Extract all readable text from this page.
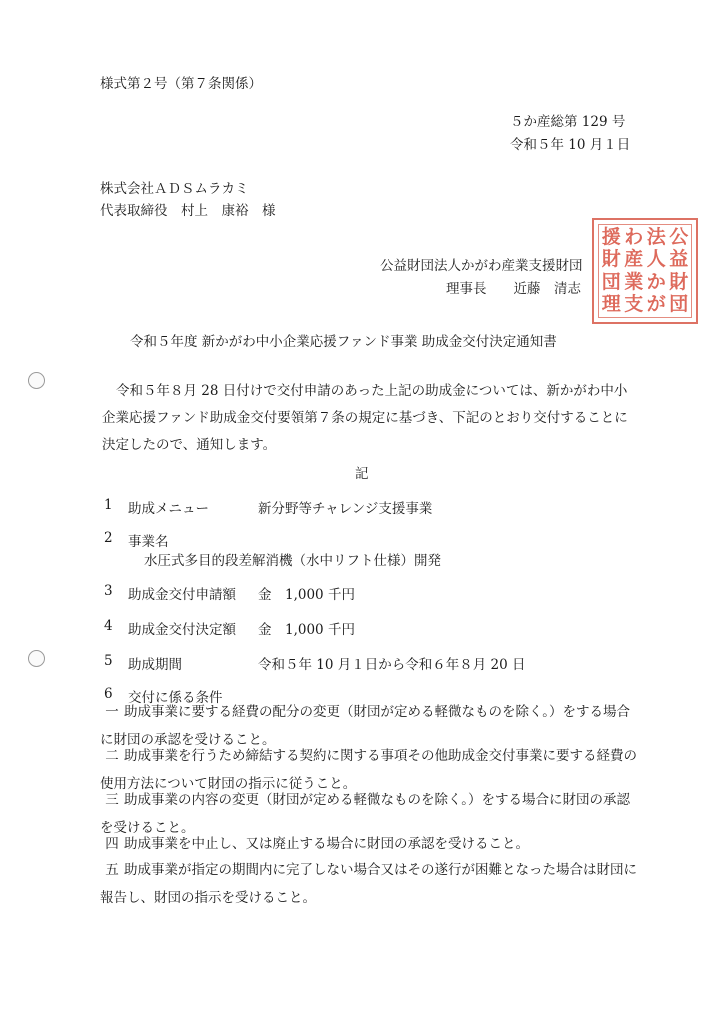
様式第２号（第７条関係）
５か産総第 129 号
令和５年 10 月１日
株式会社ＡＤＳムラカミ
代表取締役　村上　康裕　様
公益財団法人かがわ産業支援財団
理事長　　近藤　清志
援 わ 法 公
財 産 人 益
団 業 か 財
理 支 が 団
令和５年度 新かがわ中小企業応援ファンド事業 助成金交付決定通知書
令和５年８月 28 日付けで交付申請のあった上記の助成金については、新かがわ中小企業応援ファンド助成金交付要領第７条の規定に基づき、下記のとおり交付することに決定したので、通知します。
記
1 助成メニュー	新分野等チャレンジ支援事業
2 事業名
水圧式多目的段差解消機（水中リフト仕様）開発
3 助成金交付申請額 金　1,000 千円
4 助成金交付決定額 金　1,000 千円
5 助成期間	令和５年 10 月１日から令和６年８月 20 日
6 交付に係る条件
一 助成事業に要する経費の配分の変更（財団が定める軽微なものを除く。）をする場合に財団の承認を受けること。
二 助成事業を行うため締結する契約に関する事項その他助成金交付事業に要する経費の使用方法について財団の指示に従うこと。
三 助成事業の内容の変更（財団が定める軽微なものを除く。）をする場合に財団の承認を受けること。
四 助成事業を中止し、又は廃止する場合に財団の承認を受けること。
五 助成事業が指定の期間内に完了しない場合又はその遂行が困難となった場合は財団に報告し、財団の指示を受けること。
